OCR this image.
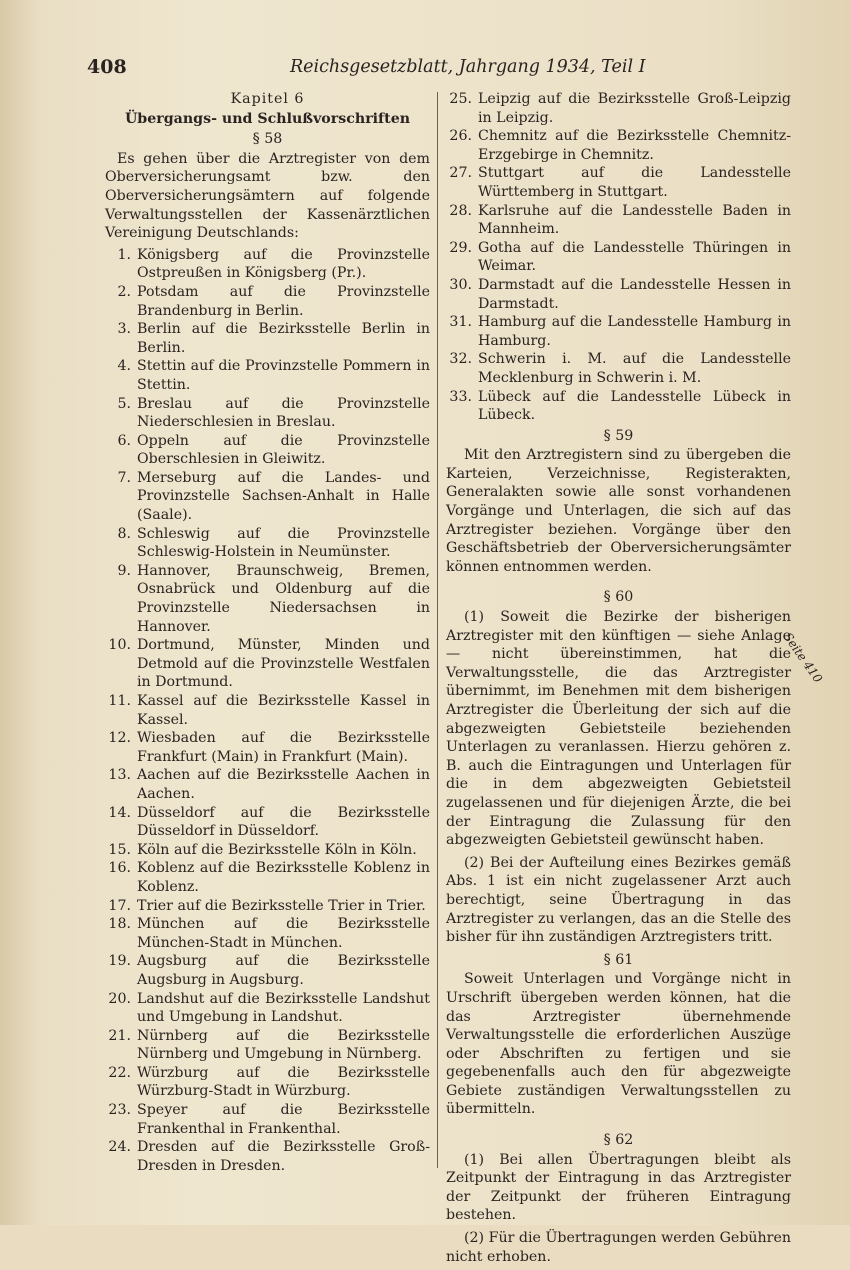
408	Reichsgesetzblatt, Jahrgang 1934, Teil I
Kapitel 6
Übergangs- und Schlußvorschriften
§ 58
Es gehen über die Arztregister von dem Oberversicherungsamt bzw. den Oberversicherungsämtern auf folgende Verwaltungsstellen der Kassenärztlichen Vereinigung Deutschlands:
1. Königsberg auf die Provinzstelle Ostpreußen in Königsberg (Pr.).
2. Potsdam auf die Provinzstelle Brandenburg in Berlin.
3. Berlin auf die Bezirksstelle Berlin in Berlin.
4. Stettin auf die Provinzstelle Pommern in Stettin.
5. Breslau auf die Provinzstelle Niederschlesien in Breslau.
6. Oppeln auf die Provinzstelle Oberschlesien in Gleiwitz.
7. Merseburg auf die Landes- und Provinzstelle Sachsen-Anhalt in Halle (Saale).
8. Schleswig auf die Provinzstelle Schleswig-Holstein in Neumünster.
9. Hannover, Braunschweig, Bremen, Osnabrück und Oldenburg auf die Provinzstelle Niedersachsen in Hannover.
10. Dortmund, Münster, Minden und Detmold auf die Provinzstelle Westfalen in Dortmund.
11. Kassel auf die Bezirksstelle Kassel in Kassel.
12. Wiesbaden auf die Bezirksstelle Frankfurt (Main) in Frankfurt (Main).
13. Aachen auf die Bezirksstelle Aachen in Aachen.
14. Düsseldorf auf die Bezirksstelle Düsseldorf in Düsseldorf.
15. Köln auf die Bezirksstelle Köln in Köln.
16. Koblenz auf die Bezirksstelle Koblenz in Koblenz.
17. Trier auf die Bezirksstelle Trier in Trier.
18. München auf die Bezirksstelle München-Stadt in München.
19. Augsburg auf die Bezirksstelle Augsburg in Augsburg.
20. Landshut auf die Bezirksstelle Landshut und Umgebung in Landshut.
21. Nürnberg auf die Bezirksstelle Nürnberg und Umgebung in Nürnberg.
22. Würzburg auf die Bezirksstelle Würzburg-Stadt in Würzburg.
23. Speyer auf die Bezirksstelle Frankenthal in Frankenthal.
24. Dresden auf die Bezirksstelle Groß-Dresden in Dresden.
25. Leipzig auf die Bezirksstelle Groß-Leipzig in Leipzig.
26. Chemnitz auf die Bezirksstelle Chemnitz-Erzgebirge in Chemnitz.
27. Stuttgart auf die Landesstelle Württemberg in Stuttgart.
28. Karlsruhe auf die Landesstelle Baden in Mannheim.
29. Gotha auf die Landesstelle Thüringen in Weimar.
30. Darmstadt auf die Landesstelle Hessen in Darmstadt.
31. Hamburg auf die Landesstelle Hamburg in Hamburg.
32. Schwerin i. M. auf die Landesstelle Mecklenburg in Schwerin i. M.
33. Lübeck auf die Landesstelle Lübeck in Lübeck.
§ 59
Mit den Arztregistern sind zu übergeben die Karteien, Verzeichnisse, Registerakten, Generalakten sowie alle sonst vorhandenen Vorgänge und Unterlagen, die sich auf das Arztregister beziehen. Vorgänge über den Geschäftsbetrieb der Oberversicherungsämter können entnommen werden.
§ 60
(1) Soweit die Bezirke der bisherigen Arztregister mit den künftigen — siehe Anlage — nicht übereinstimmen, hat die Verwaltungsstelle, die das Arztregister übernimmt, im Benehmen mit dem bisherigen Arztregister die Überleitung der sich auf die abgezweigten Gebietsteile beziehenden Unterlagen zu veranlassen. Hierzu gehören z. B. auch die Eintragungen und Unterlagen für die in dem abgezweigten Gebietsteil zugelassenen und für diejenigen Ärzte, die bei der Eintragung die Zulassung für den abgezweigten Gebietsteil gewünscht haben.
(2) Bei der Aufteilung eines Bezirkes gemäß Abs. 1 ist ein nicht zugelassener Arzt auch berechtigt, seine Übertragung in das Arztregister zu verlangen, das an die Stelle des bisher für ihn zuständigen Arztregisters tritt.
§ 61
Soweit Unterlagen und Vorgänge nicht in Urschrift übergeben werden können, hat die das Arztregister übernehmende Verwaltungsstelle die erforderlichen Auszüge oder Abschriften zu fertigen und sie gegebenenfalls auch den für abgezweigte Gebiete zuständigen Verwaltungsstellen zu übermitteln.
§ 62
(1) Bei allen Übertragungen bleibt als Zeitpunkt der Eintragung in das Arztregister der Zeitpunkt der früheren Eintragung bestehen.
(2) Für die Übertragungen werden Gebühren nicht erhoben.
Seite 410
